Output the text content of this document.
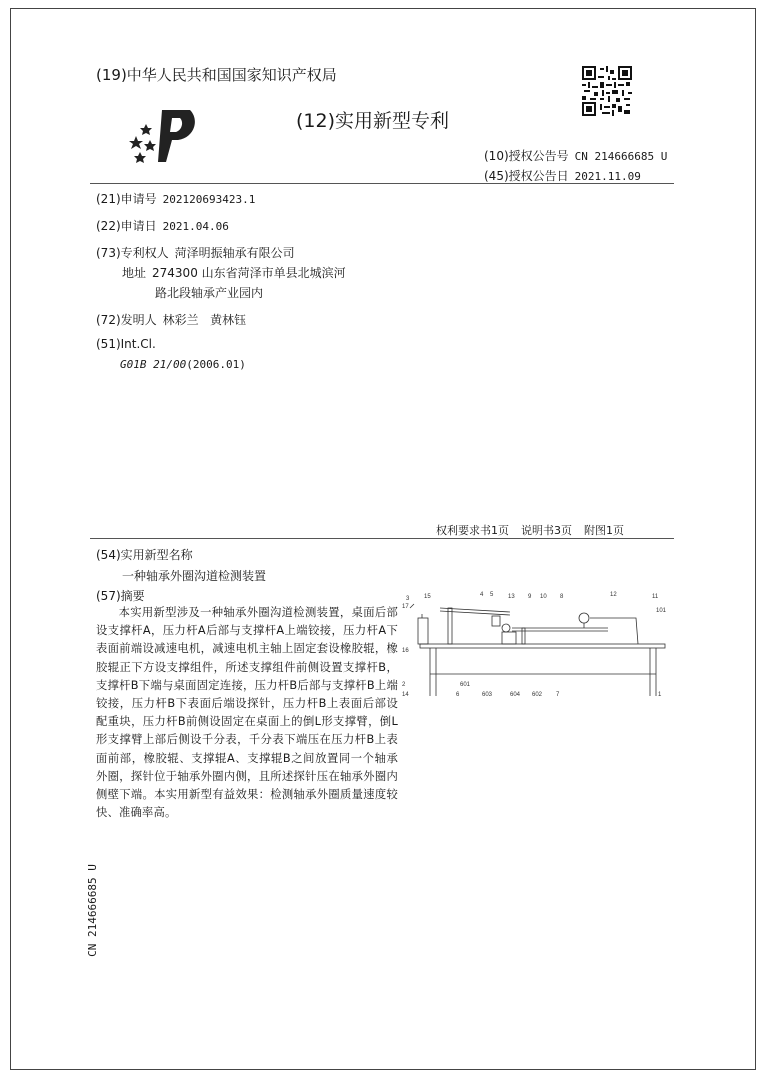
(19)中华人民共和国国家知识产权局
(12)实用新型专利
(10)授权公告号 CN 214666685 U
(45)授权公告日 2021.11.09
(21)申请号 202120693423.1
(22)申请日 2021.04.06
(73)专利权人 菏泽明振轴承有限公司
地址 274300 山东省菏泽市单县北城滨河
路北段轴承产业园内
(72)发明人 林彩兰   黄林钰
(51)Int.Cl.
G01B 21/00(2006.01)
权利要求书1页 说明书3页 附图1页
(54)实用新型名称
一种轴承外圈沟道检测装置
(57)摘要
本实用新型涉及一种轴承外圈沟道检测装置，桌面后部设支撑杆A，压力杆A后部与支撑杆A上端铰接，压力杆A下表面前端设减速电机，减速电机主轴上固定套设橡胶辊，橡胶辊正下方设支撑组件，所述支撑组件前侧设置支撑杆B，支撑杆B下端与桌面固定连接，压力杆B后部与支撑杆B上端铰接，压力杆B下表面后端设探针，压力杆B上表面后部设配重块，压力杆B前侧设固定在桌面上的倒L形支撑臂，倒L形支撑臂上部后侧设千分表，千分表下端压在压力杆B上表面前部，橡胶辊、支撑辊A、支撑辊B之间放置同一个轴承外圈，探针位于轴承外圈内侧，且所述探针压在轴承外圈内侧壁下端。本实用新型有益效果：检测轴承外圈质量速度较快、准确率高。
CN 214666685 U
3 15	4 5 13 9 10 8	12	11
17
16
2
14
601
6	603	604 602 7
101
1
